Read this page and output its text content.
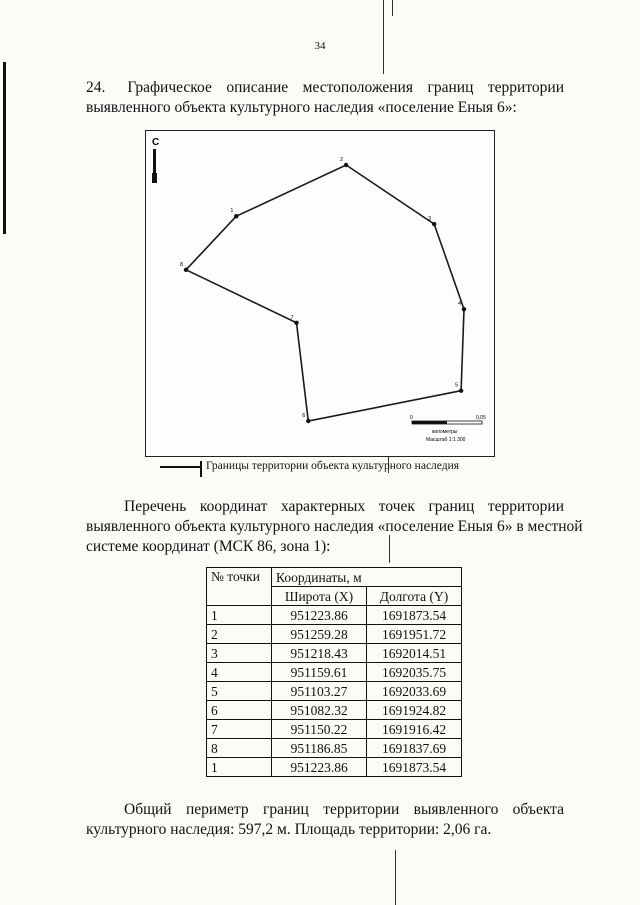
34
24. Графическое описание местоположения границ территории
выявленного объекта культурного наследия «поселение Еныя 6»:
С
1
2
3
4
5
6
7
8
0	0,05
километры
Масштаб 1:1 300
Границы территории объекта культурного наследия
Перечень координат характерных точек границ территории
выявленного объекта культурного наследия «поселение Еныя 6» в местной
системе координат (МСК 86, зона 1):
№ точки	Координаты, м	
	Широта (X)	Долгота (Y)
1	951223.86	1691873.54
2	951259.28	1691951.72
3	951218.43	1692014.51
4	951159.61	1692035.75
5	951103.27	1692033.69
6	951082.32	1691924.82
7	951150.22	1691916.42
8	951186.85	1691837.69
1	951223.86	1691873.54
Общий периметр границ территории выявленного объекта
культурного наследия: 597,2 м. Площадь территории: 2,06 га.
